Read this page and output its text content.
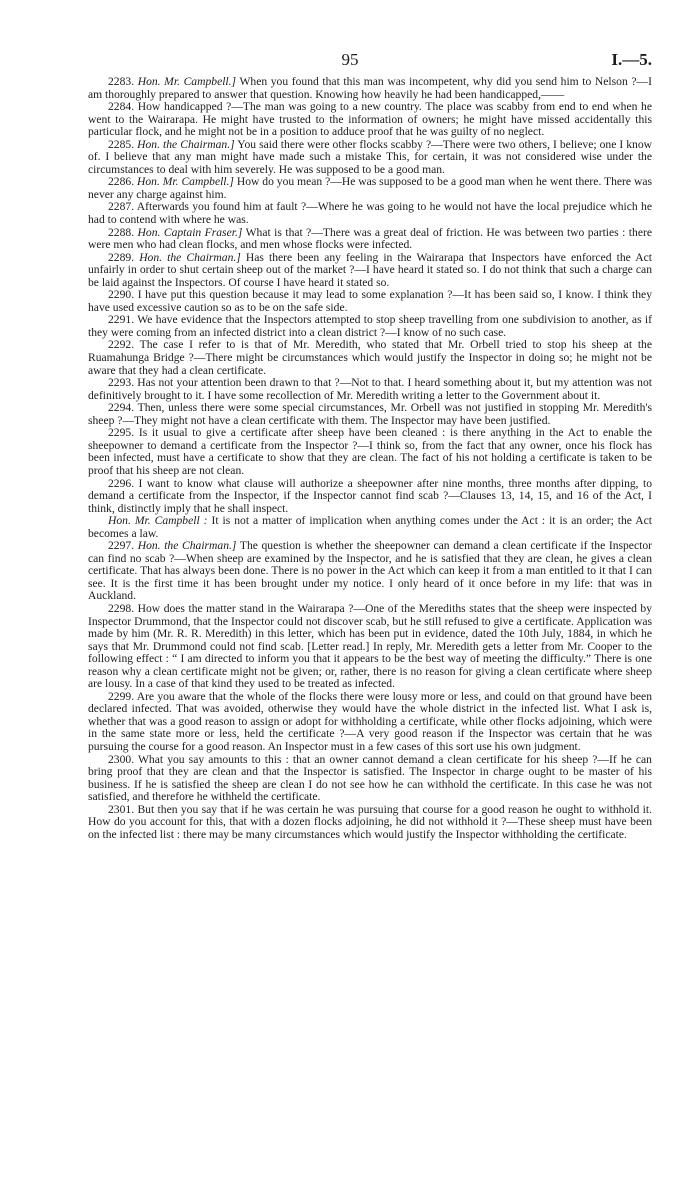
95	I.—5.

2283. Hon. Mr. Campbell.] When you found that this man was incompetent, why did you send him to Nelson ?—I am thoroughly prepared to answer that question. Knowing how heavily he had been handicapped,——

2284. How handicapped ?—The man was going to a new country. The place was scabby from end to end when he went to the Wairarapa. He might have trusted to the information of owners; he might have missed accidentally this particular flock, and he might not be in a position to adduce proof that he was guilty of no neglect.

2285. Hon. the Chairman.] You said there were other flocks scabby ?—There were two others, I believe; one I know of. I believe that any man might have made such a mistake This, for certain, it was not considered wise under the circumstances to deal with him severely. He was supposed to be a good man.

2286. Hon. Mr. Campbell.] How do you mean ?—He was supposed to be a good man when he went there. There was never any charge against him.

2287. Afterwards you found him at fault ?—Where he was going to he would not have the local prejudice which he had to contend with where he was.

2288. Hon. Captain Fraser.] What is that ?—There was a great deal of friction. He was between two parties : there were men who had clean flocks, and men whose flocks were infected.

2289. Hon. the Chairman.] Has there been any feeling in the Wairarapa that Inspectors have enforced the Act unfairly in order to shut certain sheep out of the market ?—I have heard it stated so. I do not think that such a charge can be laid against the Inspectors. Of course I have heard it stated so.

2290. I have put this question because it may lead to some explanation ?—It has been said so, I know. I think they have used excessive caution so as to be on the safe side.

2291. We have evidence that the Inspectors attempted to stop sheep travelling from one subdivision to another, as if they were coming from an infected district into a clean district ?—I know of no such case.

2292. The case I refer to is that of Mr. Meredith, who stated that Mr. Orbell tried to stop his sheep at the Ruamahunga Bridge ?—There might be circumstances which would justify the Inspector in doing so; he might not be aware that they had a clean certificate.

2293. Has not your attention been drawn to that ?—Not to that. I heard something about it, but my attention was not definitively brought to it. I have some recollection of Mr. Meredith writing a letter to the Government about it.

2294. Then, unless there were some special circumstances, Mr. Orbell was not justified in stopping Mr. Meredith's sheep ?—They might not have a clean certificate with them. The Inspector may have been justified.

2295. Is it usual to give a certificate after sheep have been cleaned : is there anything in the Act to enable the sheepowner to demand a certificate from the Inspector ?—I think so, from the fact that any owner, once his flock has been infected, must have a certificate to show that they are clean. The fact of his not holding a certificate is taken to be proof that his sheep are not clean.

2296. I want to know what clause will authorize a sheepowner after nine months, three months after dipping, to demand a certificate from the Inspector, if the Inspector cannot find scab ?—Clauses 13, 14, 15, and 16 of the Act, I think, distinctly imply that he shall inspect.

Hon. Mr. Campbell : It is not a matter of implication when anything comes under the Act : it is an order; the Act becomes a law.

2297. Hon. the Chairman.] The question is whether the sheepowner can demand a clean certificate if the Inspector can find no scab ?—When sheep are examined by the Inspector, and he is satisfied that they are clean, he gives a clean certificate. That has always been done. There is no power in the Act which can keep it from a man entitled to it that I can see. It is the first time it has been brought under my notice. I only heard of it once before in my life: that was in Auckland.

2298. How does the matter stand in the Wairarapa ?—One of the Merediths states that the sheep were inspected by Inspector Drummond, that the Inspector could not discover scab, but he still refused to give a certificate. Application was made by him (Mr. R. R. Meredith) in this letter, which has been put in evidence, dated the 10th July, 1884, in which he says that Mr. Drummond could not find scab. [Letter read.] In reply, Mr. Meredith gets a letter from Mr. Cooper to the following effect : “ I am directed to inform you that it appears to be the best way of meeting the difficulty.” There is one reason why a clean certificate might not be given; or, rather, there is no reason for giving a clean certificate where sheep are lousy. In a case of that kind they used to be treated as infected.

2299. Are you aware that the whole of the flocks there were lousy more or less, and could on that ground have been declared infected. That was avoided, otherwise they would have the whole district in the infected list. What I ask is, whether that was a good reason to assign or adopt for withholding a certificate, while other flocks adjoining, which were in the same state more or less, held the certificate ?—A very good reason if the Inspector was certain that he was pursuing the course for a good reason. An Inspector must in a few cases of this sort use his own judgment.

2300. What you say amounts to this : that an owner cannot demand a clean certificate for his sheep ?—If he can bring proof that they are clean and that the Inspector is satisfied. The Inspector in charge ought to be master of his business. If he is satisfied the sheep are clean I do not see how he can withhold the certificate. In this case he was not satisfied, and therefore he withheld the certificate.

2301. But then you say that if he was certain he was pursuing that course for a good reason he ought to withhold it. How do you account for this, that with a dozen flocks adjoining, he did not withhold it ?—These sheep must have been on the infected list : there may be many circumstances which would justify the Inspector withholding the certificate.
